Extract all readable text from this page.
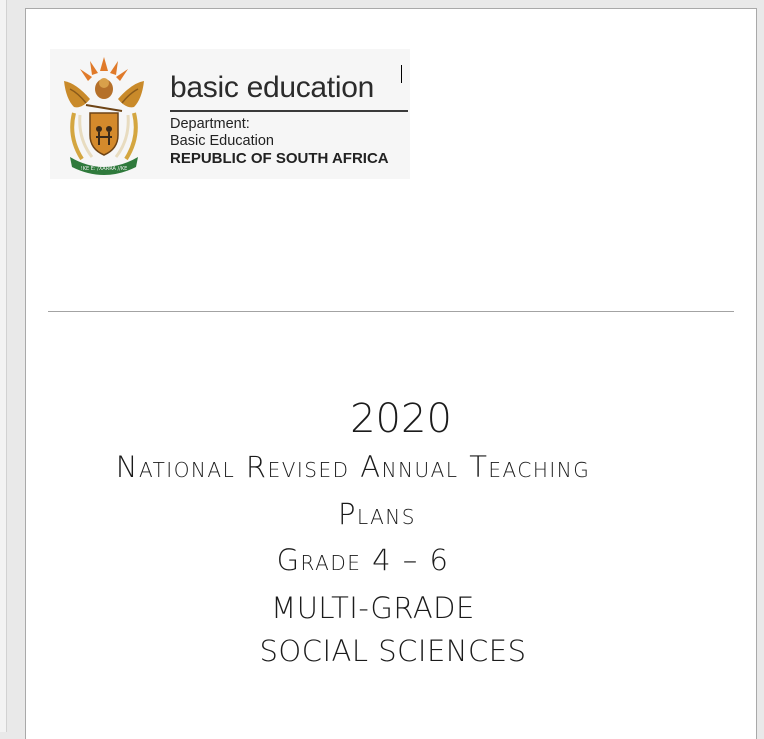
!KE E: /XARRA //KE
basic education
Department:
Basic Education
REPUBLIC OF SOUTH AFRICA
2020
National Revised Annual Teaching
Plans
Grade 4 – 6
MULTI-GRADE
SOCIAL SCIENCES
